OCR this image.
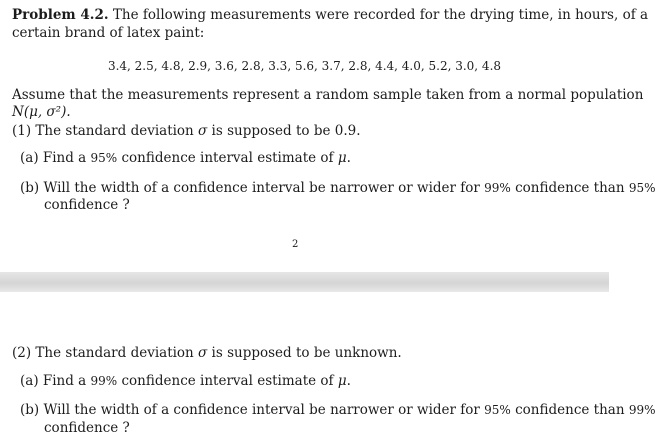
Problem 4.2. The following measurements were recorded for the drying time, in hours, of a
certain brand of latex paint:
3.4, 2.5, 4.8, 2.9, 3.6, 2.8, 3.3, 5.6, 3.7, 2.8, 4.4, 4.0, 5.2, 3.0, 4.8
Assume that the measurements represent a random sample taken from a normal population
N(μ, σ²).
(1) The standard deviation σ is supposed to be 0.9.
(a) Find a 95% confidence interval estimate of μ.
(b) Will the width of a confidence interval be narrower or wider for 99% confidence than 95%
confidence ?
2
(2) The standard deviation σ is supposed to be unknown.
(a) Find a 99% confidence interval estimate of μ.
(b) Will the width of a confidence interval be narrower or wider for 95% confidence than 99%
confidence ?
